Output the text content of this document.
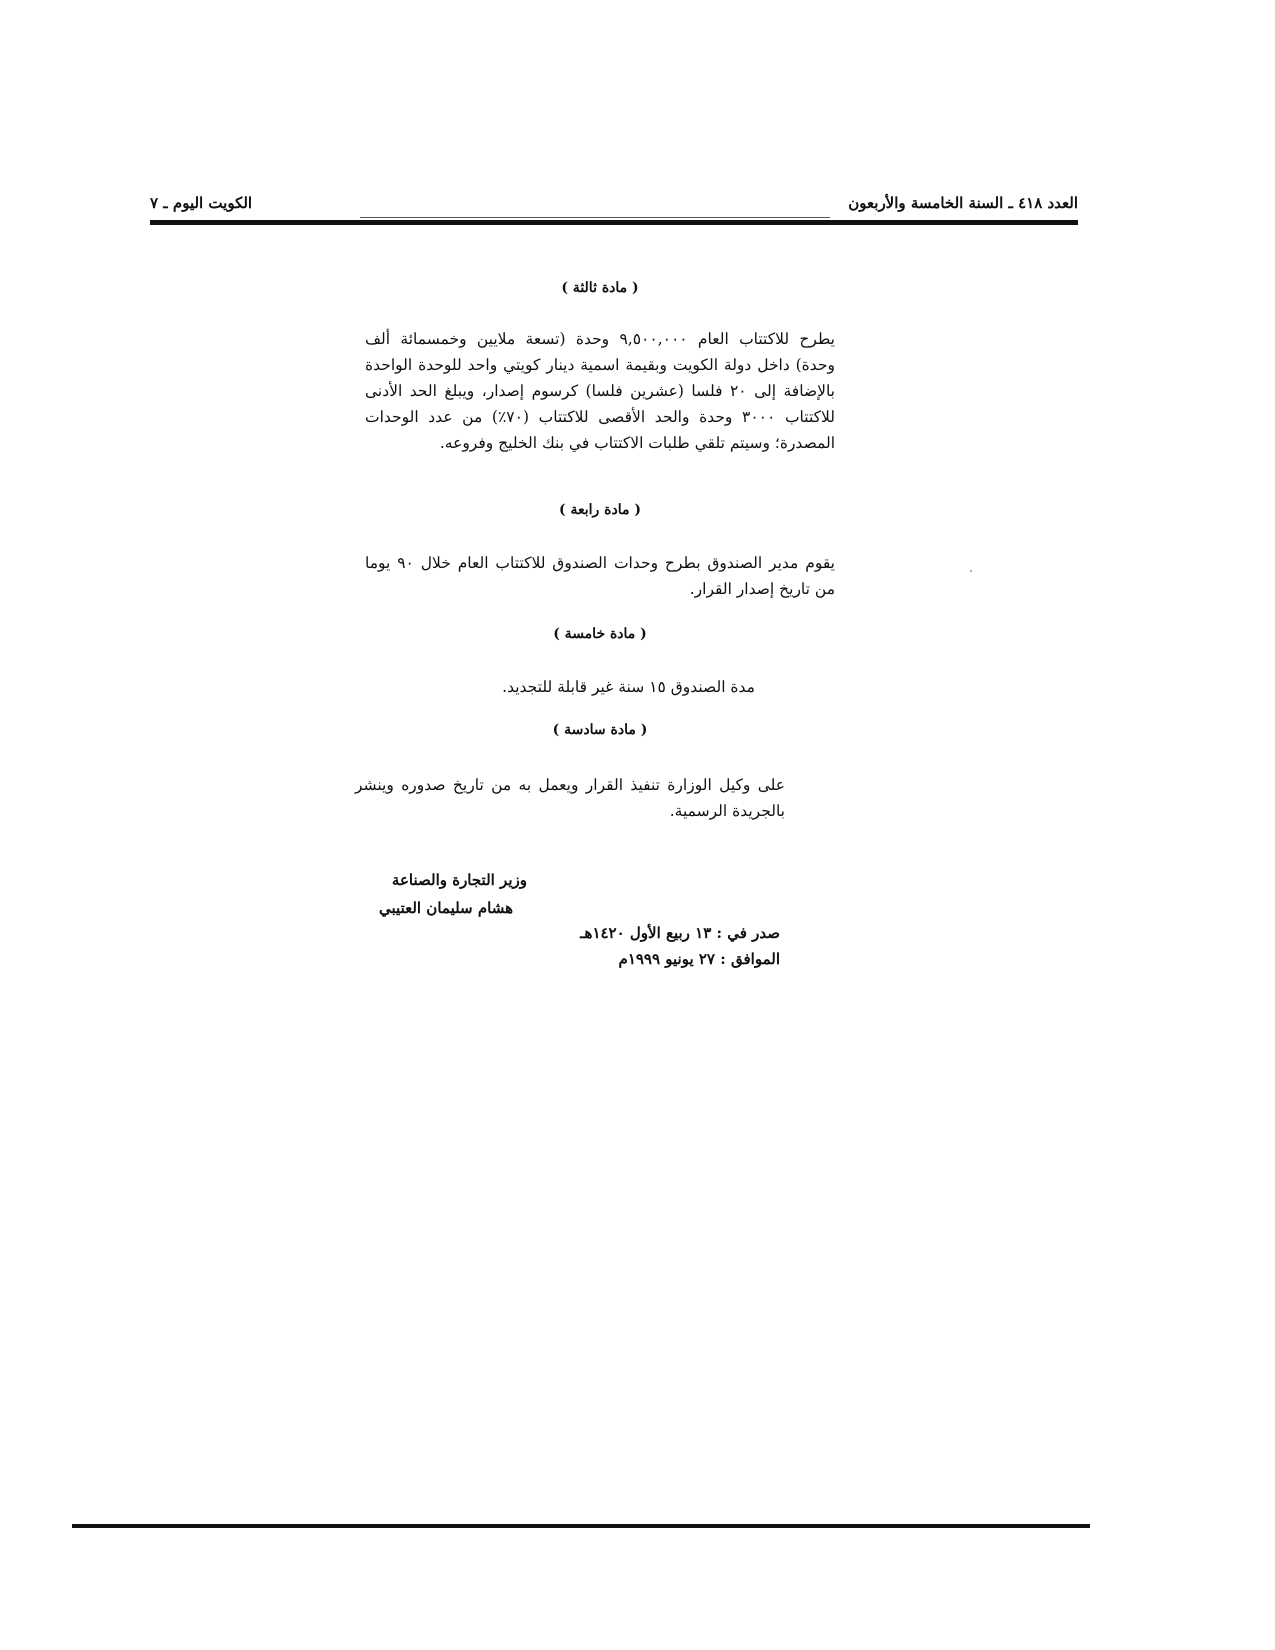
العدد ٤١٨ ـ السنة الخامسة والأربعون
الكويت اليوم ـ ٧
( مادة ثالثة )
يطرح للاكتتاب العام ٩,٥٠٠,٠٠٠ وحدة (تسعة ملايين وخمسمائة ألف وحدة) داخل دولة الكويت وبقيمة اسمية دينار كويتي واحد للوحدة الواحدة بالإضافة إلى ٢٠ فلسا (عشرين فلسا) كرسوم إصدار، ويبلغ الحد الأدنى للاكتتاب ٣٠٠٠ وحدة والحد الأقصى للاكتتاب (٧٠٪) من عدد الوحدات المصدرة؛ وسيتم تلقي طلبات الاكتتاب في بنك الخليج وفروعه.
( مادة رابعة )
يقوم مدير الصندوق بطرح وحدات الصندوق للاكتتاب العام خلال ٩٠ يوما من تاريخ إصدار القرار.
( مادة خامسة )
مدة الصندوق ١٥ سنة غير قابلة للتجديد.
( مادة سادسة )
على وكيل الوزارة تنفيذ القرار ويعمل به من تاريخ صدوره وينشر بالجريدة الرسمية.
وزير التجارة والصناعة
هشام سليمان العتيبي
صدر في : ١٣ ربيع الأول ١٤٢٠هـ
الموافق : ٢٧ يونيو ١٩٩٩م
